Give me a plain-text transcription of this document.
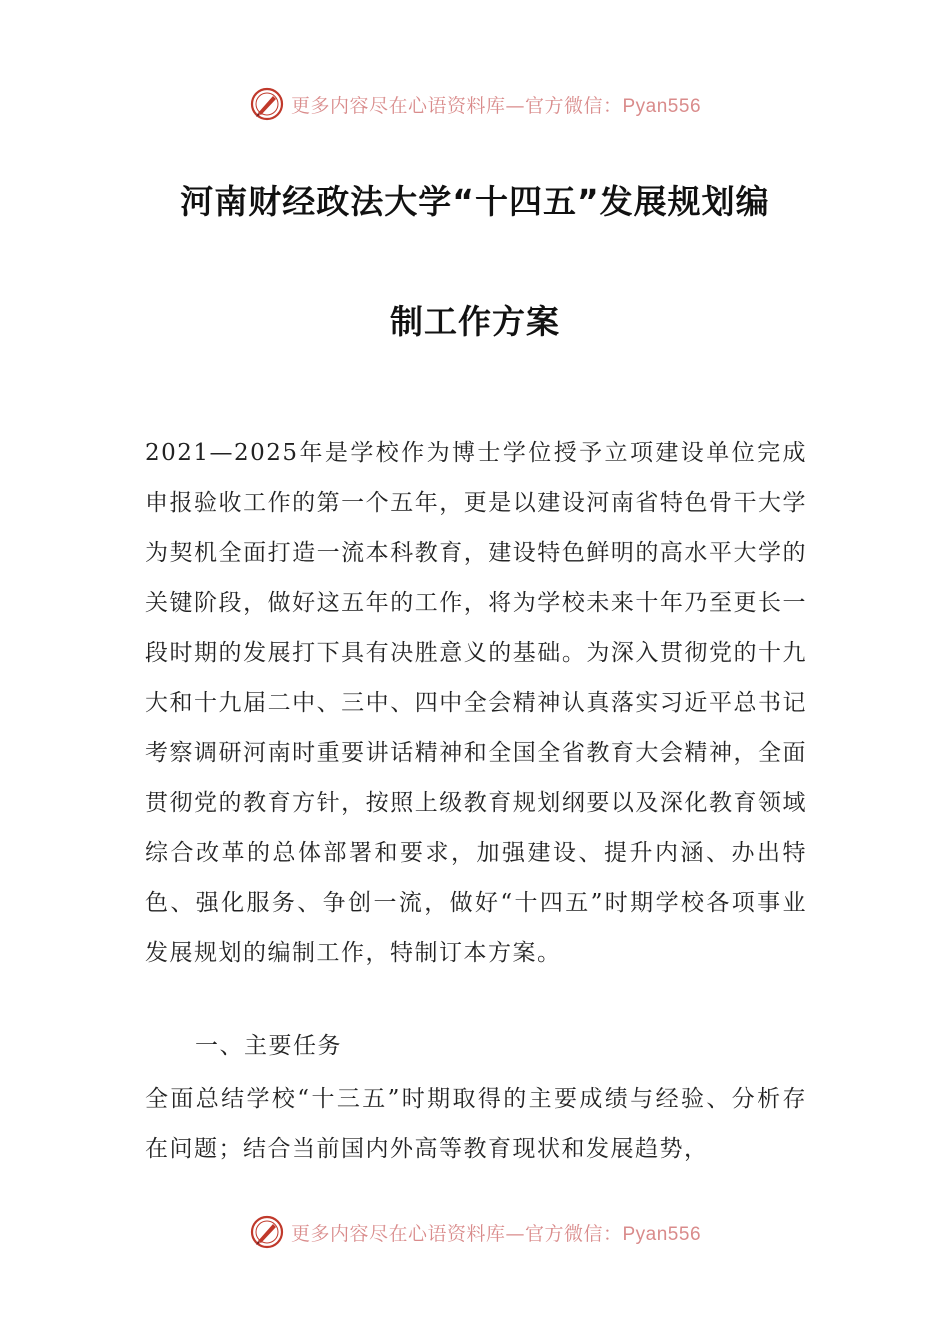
更多内容尽在心语资料库—官方微信：Pyan556
河南财经政法大学“十四五”发展规划编
制工作方案

2021—2025年是学校作为博士学位授予立项建设单位完成申报验收工作的第一个五年，更是以建设河南省特色骨干大学为契机全面打造一流本科教育，建设特色鲜明的高水平大学的关键阶段，做好这五年的工作，将为学校未来十年乃至更长一段时期的发展打下具有决胜意义的基础。为深入贯彻党的十九大和十九届二中、三中、四中全会精神认真落实习近平总书记考察调研河南时重要讲话精神和全国全省教育大会精神，全面贯彻党的教育方针，按照上级教育规划纲要以及深化教育领域综合改革的总体部署和要求，加强建设、提升内涵、办出特色、强化服务、争创一流，做好“十四五”时期学校各项事业发展规划的编制工作，特制订本方案。

一、主要任务

全面总结学校“十三五”时期取得的主要成绩与经验、分析存在问题；结合当前国内外高等教育现状和发展趋势，

更多内容尽在心语资料库—官方微信：Pyan556
